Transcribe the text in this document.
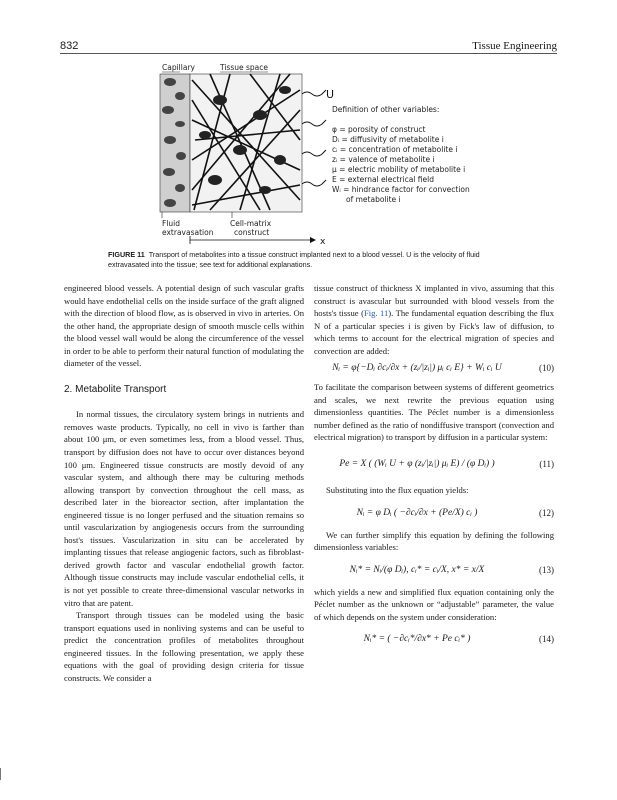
832	Tissue Engineering
Capillary	Tissue space
U
Definition of other variables:
φ = porosity of construct
Dᵢ = diffusivity of metabolite i
cᵢ = concentration of metabolite i
zᵢ = valence of metabolite i
μ = electric mobility of metabolite i
E = external electrical field
Wᵢ = hindrance factor for convection
of metabolite i
Fluid
extravasation
Cell-matrix
construct
x
FIGURE 11 Transport of metabolites into a tissue construct implanted next to a blood vessel. U is the velocity of fluid extravasated into the tissue; see text for additional explanations.

engineered blood vessels. A potential design of such vascular grafts would have endothelial cells on the inside surface of the graft aligned with the direction of blood flow, as is observed in vivo in arteries. On the other hand, the appropriate design of smooth muscle cells within the blood vessel wall would be along the circumference of the vessel in order to be able to perform their natural function of modulating the diameter of the vessel.

2. Metabolite Transport

In normal tissues, the circulatory system brings in nutrients and removes waste products. Typically, no cell in vivo is farther than about 100 μm, or even sometimes less, from a blood vessel. Thus, transport by diffusion does not have to occur over distances beyond 100 μm. Engineered tissue constructs are mostly devoid of any vascular system, and although there may be culturing methods allowing transport by convection throughout the cell mass, as described later in the bioreactor section, after implantation the engineered tissue is no longer perfused and the situation remains so until vascularization by angiogenesis occurs from the surrounding host's tissues. Vascularization in situ can be accelerated by implanting tissues that release angiogenic factors, such as fibroblast-derived growth factor and vascular endothelial growth factor. Although tissue constructs may include vascular endothelial cells, it is not yet possible to create three-dimensional vascular networks in vitro that are patent.

Transport through tissues can be modeled using the basic transport equations used in nonliving systems and can be useful to predict the concentration profiles of metabolites throughout engineered tissues. In the following presentation, we apply these equations with the goal of providing design criteria for tissue constructs. We consider a

tissue construct of thickness X implanted in vivo, assuming that this construct is avascular but surrounded with blood vessels from the hosts's tissue (Fig. 11). The fundamental equation describing the flux N of a particular species i is given by Fick's law of diffusion, to which terms to account for the electrical migration of species and convection are added:

Nᵢ = φ{−Dᵢ ∂cᵢ/∂x + (zᵢ/|zᵢ|) μᵢ cᵢ E} + Wᵢ cᵢ U	(10)

To facilitate the comparison between systems of different geometrics and scales, we next rewrite the previous equation using dimensionless quantities. The Péclet number is a dimensionless number defined as the ratio of nondiffusive transport (convection and electrical migration) to transport by diffusion in a particular system:

Pe = X ( (Wᵢ U + φ (zᵢ/|zᵢ|) μᵢ E) / (φ Dᵢ) )	(11)

Substituting into the flux equation yields:

Nᵢ = φ Dᵢ ( −∂cᵢ/∂x + (Pe/X) cᵢ )	(12)

We can further simplify this equation by defining the following dimensionless variables:

Nᵢ* = Nᵢ/(φ Dᵢ), cᵢ* = cᵢ/X, x* = x/X	(13)

which yields a new and simplified flux equation containing only the Péclet number as the unknown or “adjustable” parameter, the value of which depends on the system under consideration:

Nᵢ* = ( −∂cᵢ*/∂x* + Pe cᵢ* )	(14)
